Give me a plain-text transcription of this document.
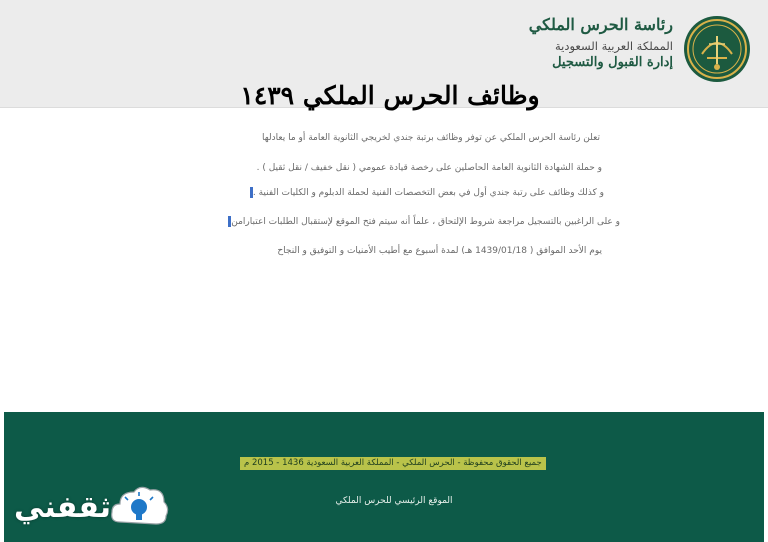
رئاسة الحرس الملكي
المملكة العربية السعودية
إدارة القبول والتسجيل
وظائف الحرس الملكي ١٤٣٩
تعلن رئاسة الحرس الملكي عن توفر وظائف برتبة جندي لخريجي الثانوية العامة أو ما يعادلها
و حملة الشهادة الثانوية العامة الحاصلين على رخصة قيادة عمومي ( نقل خفيف / نقل ثقيل ) .
و كذلك وظائف على رتبة جندي أول في بعض التخصصات الفنية لحملة الدبلوم و الكليات الفنية .
و على الراغبين بالتسجيل مراجعة شروط الإلتحاق ، علماً أنه سيتم فتح الموقع لإستقبال الطلبات اعتبارامن
يوم الأحد الموافق ( 1439/01/18 هـ) لمدة أسبوع مع أطيب الأمنيات و التوفيق و النجاح
جميع الحقوق محفوظة - الحرس الملكي - المملكة العربية السعودية 1436 - 2015 م
الموقع الرئيسي للحرس الملكي
ثقفني
